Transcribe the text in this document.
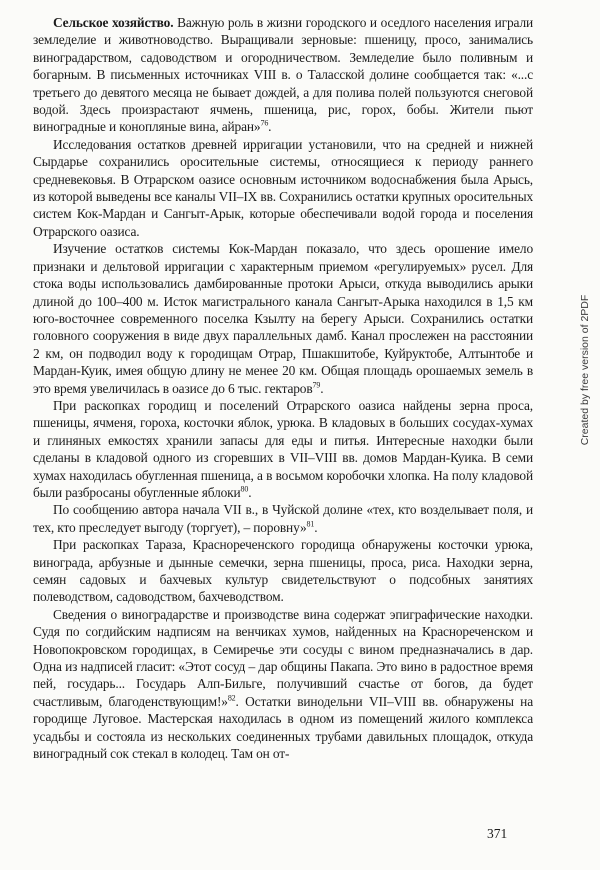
Сельское хозяйство. Важную роль в жизни городского и оседлого населения играли земледелие и животноводство. Выращивали зерновые: пшеницу, просо, занимались виноградарством, садоводством и огородничеством. Земледелие было поливным и богарным. В письменных источниках VIII в. о Таласской долине сообщается так: «...с третьего до девятого месяца не бывает дождей, а для полива полей пользуются снеговой водой. Здесь произрастают ячмень, пшеница, рис, горох, бобы. Жители пьют виноградные и конопляные вина, айран»$^{76}$.

Исследования остатков древней ирригации установили, что на средней и нижней Сырдарье сохранились оросительные системы, относящиеся к периоду раннего средневековья. В Отрарском оазисе основным источником водоснабжения была Арысь, из которой выведены все каналы VII–IX вв. Сохранились остатки крупных оросительных систем Кок-Мардан и Сангыт-Арык, которые обеспечивали водой города и поселения Отрарского оазиса.

Изучение остатков системы Кок-Мардан показало, что здесь орошение имело признаки и дельтовой ирригации с характерным приемом «регулируемых» русел. Для стока воды использовались дамбированные протоки Арыси, откуда выводились арыки длиной до 100–400 м. Исток магистрального канала Сангыт-Арыка находился в 1,5 км юго-восточнее современного поселка Кзылту на берегу Арыси. Сохранились остатки головного сооружения в виде двух параллельных дамб. Канал прослежен на расстоянии 2 км, он подводил воду к городищам Отрар, Пшакшитобе, Куйруктобе, Алтынтобе и Мардан-Куик, имея общую длину не менее 20 км. Общая площадь орошаемых земель в это время увеличилась в оазисе до 6 тыс. гектаров$^{79}$.

При раскопках городищ и поселений Отрарского оазиса найдены зерна проса, пшеницы, ячменя, гороха, косточки яблок, урюка. В кладовых в больших сосудах-хумах и глиняных емкостях хранили запасы для еды и питья. Интересные находки были сделаны в кладовой одного из сгоревших в VII–VIII вв. домов Мардан-Куика. В семи хумах находилась обугленная пшеница, а в восьмом коробочки хлопка. На полу кладовой были разбросаны обугленные яблоки$^{80}$.

По сообщению автора начала VII в., в Чуйской долине «тех, кто возделывает поля, и тех, кто преследует выгоду (торгует), – поровну»$^{81}$.

При раскопках Тараза, Краснореченского городища обнаружены косточки урюка, винограда, арбузные и дынные семечки, зерна пшеницы, проса, риса. Находки зерна, семян садовых и бахчевых культур свидетельствуют о подсобных занятиях полеводством, садоводством, бахчеводством.

Сведения о виноградарстве и производстве вина содержат эпиграфические находки. Судя по согдийским надписям на венчиках хумов, найденных на Краснореченском и Новопокровском городищах, в Семиречье эти сосуды с вином предназначались в дар. Одна из надписей гласит: «Этот сосуд – дар общины Пакапа. Это вино в радостное время пей, государь... Государь Алп-Бильге, получивший счастье от богов, да будет счастливым, благоденствующим!»$^{82}$. Остатки винодельни VII–VIII вв. обнаружены на городище Луговое. Мастерская находилась в одном из помещений жилого комплекса усадьбы и состояла из нескольких соединенных трубами давильных площадок, откуда виноградный сок стекал в колодец. Там он от-

Created by free version of 2PDF
371
